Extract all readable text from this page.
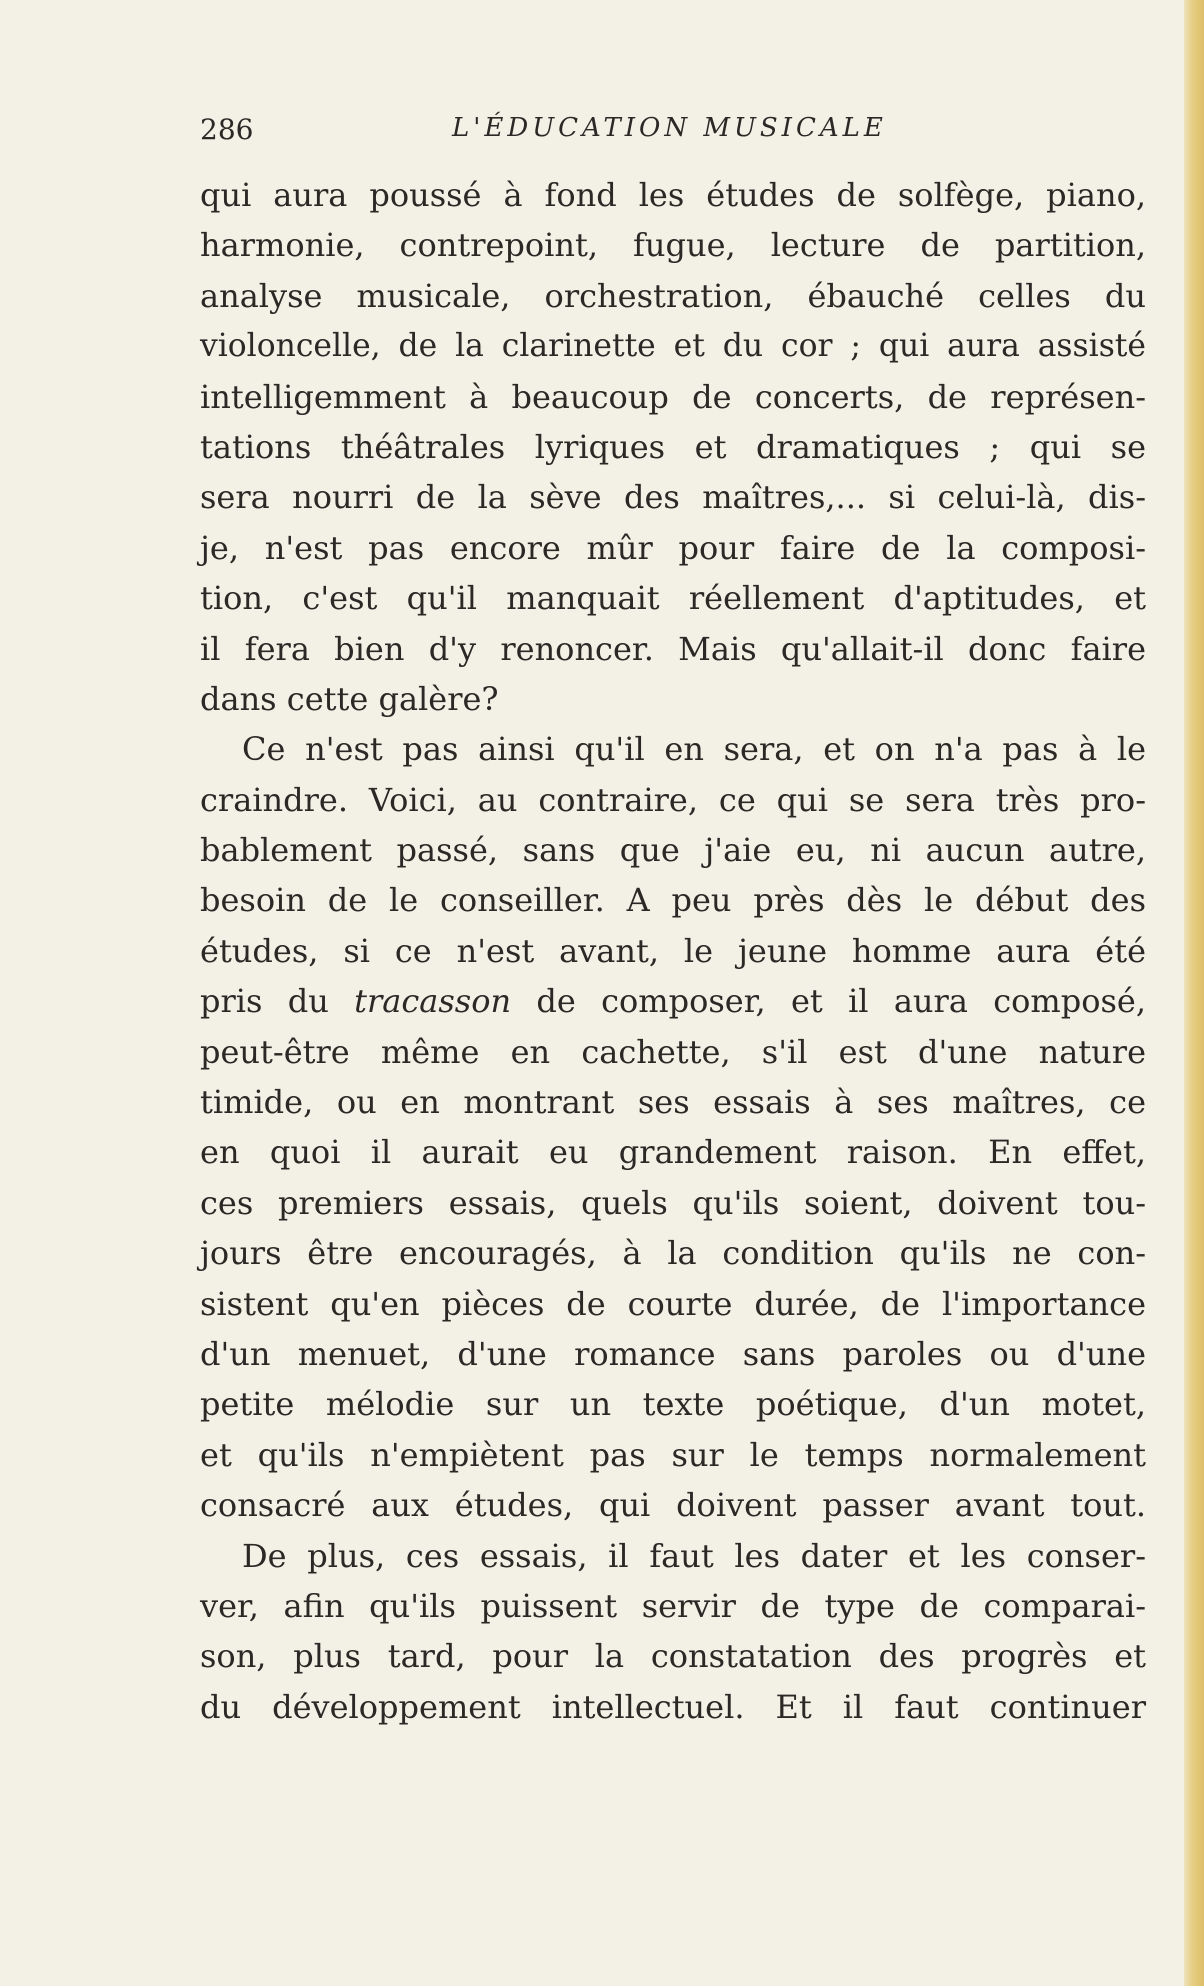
286	L'ÉDUCATION MUSICALE
qui aura poussé à fond les études de solfège, piano,
harmonie, contrepoint, fugue, lecture de partition,
analyse musicale, orchestration, ébauché celles du
violoncelle, de la clarinette et du cor ; qui aura assisté
intelligemment à beaucoup de concerts, de représen-
tations théâtrales lyriques et dramatiques ; qui se
sera nourri de la sève des maîtres,... si celui-là, dis-
je, n'est pas encore mûr pour faire de la composi-
tion, c'est qu'il manquait réellement d'aptitudes, et
il fera bien d'y renoncer. Mais qu'allait-il donc faire
dans cette galère?
Ce n'est pas ainsi qu'il en sera, et on n'a pas à le
craindre. Voici, au contraire, ce qui se sera très pro-
bablement passé, sans que j'aie eu, ni aucun autre,
besoin de le conseiller. A peu près dès le début des
études, si ce n'est avant, le jeune homme aura été
pris du tracasson de composer, et il aura composé,
peut-être même en cachette, s'il est d'une nature
timide, ou en montrant ses essais à ses maîtres, ce
en quoi il aurait eu grandement raison. En effet,
ces premiers essais, quels qu'ils soient, doivent tou-
jours être encouragés, à la condition qu'ils ne con-
sistent qu'en pièces de courte durée, de l'importance
d'un menuet, d'une romance sans paroles ou d'une
petite mélodie sur un texte poétique, d'un motet,
et qu'ils n'empiètent pas sur le temps normalement
consacré aux études, qui doivent passer avant tout.
De plus, ces essais, il faut les dater et les conser-
ver, afin qu'ils puissent servir de type de comparai-
son, plus tard, pour la constatation des progrès et
du développement intellectuel. Et il faut continuer
